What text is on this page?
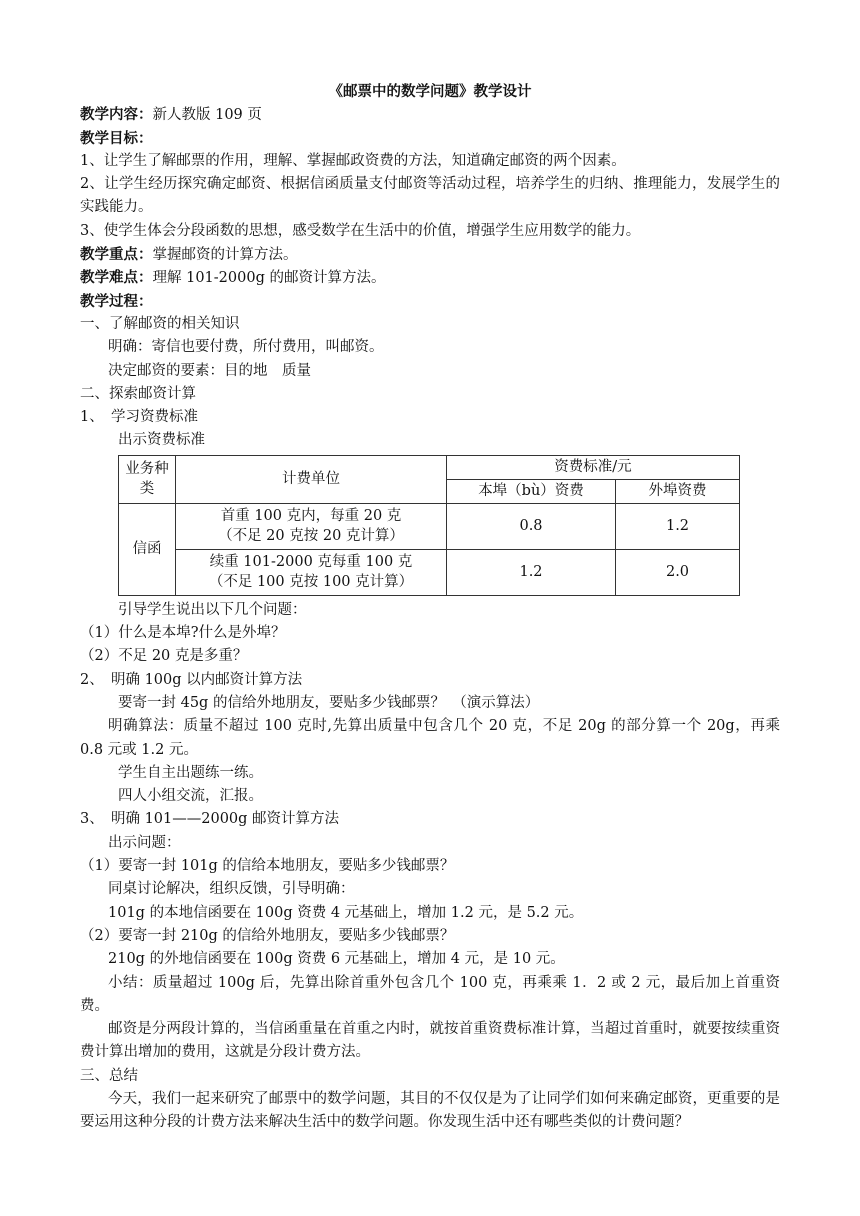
《邮票中的数学问题》教学设计
教学内容：新人教版 109 页
教学目标：
1、让学生了解邮票的作用，理解、掌握邮政资费的方法，知道确定邮资的两个因素。
2、让学生经历探究确定邮资、根据信函质量支付邮资等活动过程，培养学生的归纳、推理能力，发展学生的实践能力。
3、使学生体会分段函数的思想，感受数学在生活中的价值，增强学生应用数学的能力。
教学重点：掌握邮资的计算方法。
教学难点：理解 101-2000g 的邮资计算方法。
教学过程：
一、了解邮资的相关知识
明确：寄信也要付费，所付费用，叫邮资。
决定邮资的要素：目的地　质量
二、探索邮资计算
1、　学习资费标准
出示资费标准
业务种类	计费单位	资费标准/元	
		本埠（bù）资费	外埠资费
信函	首重 100 克内，每重 20 克
（不足 20 克按 20 克计算）	0.8	1.2

	续重 101-2000 克每重 100 克
（不足 100 克按 100 克计算）	1.2	2.0
引导学生说出以下几个问题：
（1）什么是本埠?什么是外埠？
（2）不足 20 克是多重？
2、　明确 100g 以内邮资计算方法
要寄一封 45g 的信给外地朋友，要贴多少钱邮票？　（演示算法）
明确算法：质量不超过 100 克时,先算出质量中包含几个 20 克，不足 20g 的部分算一个 20g，再乘 0.8 元或 1.2 元。
学生自主出题练一练。
四人小组交流，汇报。
3、　明确 101——2000g 邮资计算方法
出示问题：
（1）要寄一封 101g 的信给本地朋友，要贴多少钱邮票？
同桌讨论解决，组织反馈，引导明确：
101g 的本地信函要在 100g 资费 4 元基础上，增加 1.2 元，是 5.2 元。
（2）要寄一封 210g 的信给外地朋友，要贴多少钱邮票？
210g 的外地信函要在 100g 资费 6 元基础上，增加 4 元，是 10 元。
小结：质量超过 100g 后，先算出除首重外包含几个 100 克，再乘乘 1．2 或 2 元，最后加上首重资费。
邮资是分两段计算的，当信函重量在首重之内时，就按首重资费标准计算，当超过首重时，就要按续重资费计算出增加的费用，这就是分段计费方法。
三、总结
今天，我们一起来研究了邮票中的数学问题，其目的不仅仅是为了让同学们如何来确定邮资，更重要的是要运用这种分段的计费方法来解决生活中的数学问题。你发现生活中还有哪些类似的计费问题？
